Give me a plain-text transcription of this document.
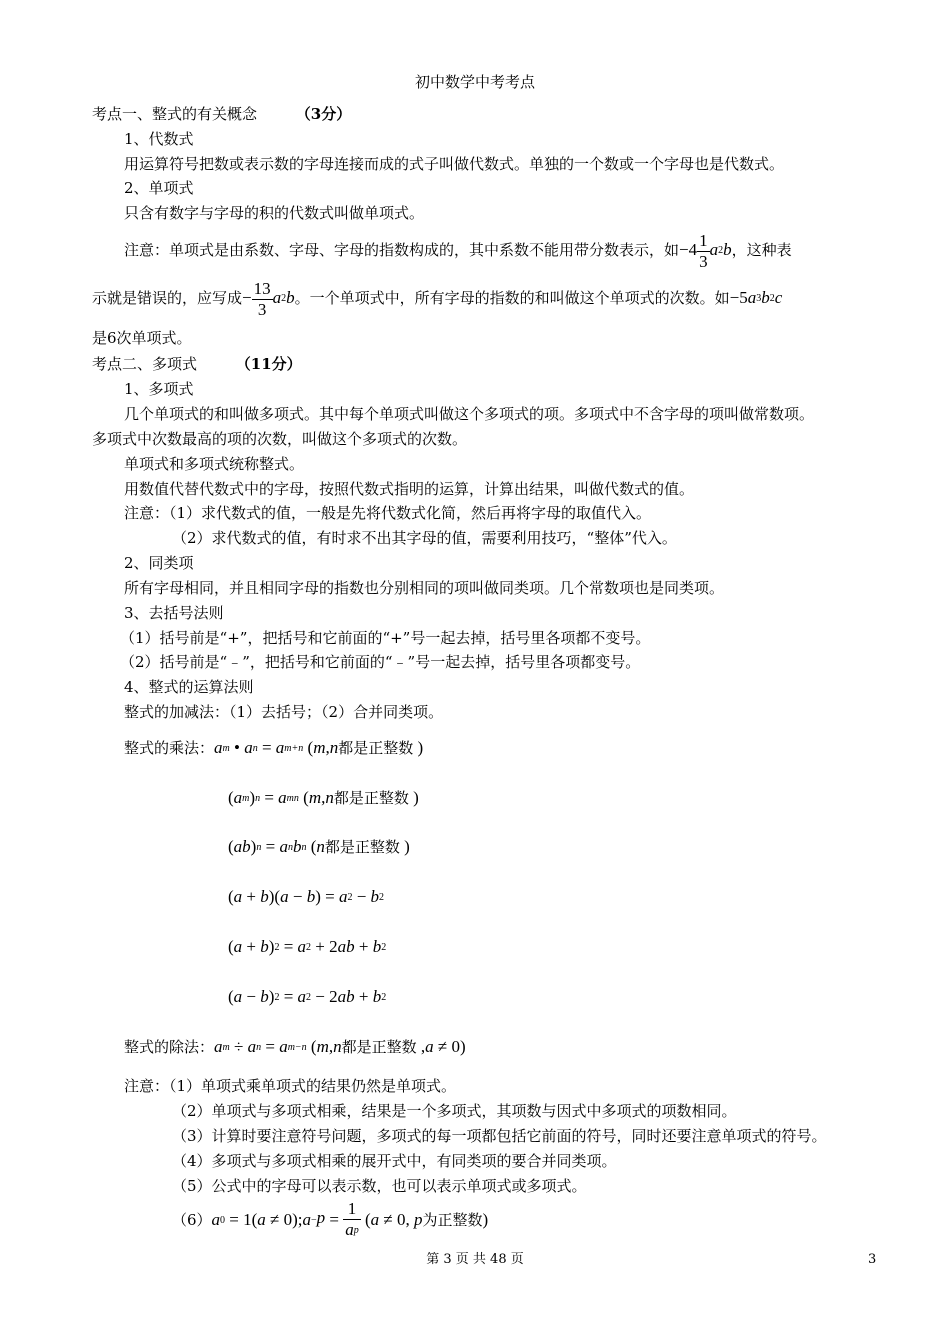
初中数学中考考点
考点一、整式的有关概念	（3分）
1、代数式
用运算符号把数或表示数的字母连接而成的式子叫做代数式。单独的一个数或一个字母也是代数式。
2、单项式
只含有数字与字母的积的代数式叫做单项式。
注意：单项式是由系数、字母、字母的指数构成的，其中系数不能用带分数表示，如$-4 \frac{1}{3} a2b$，这种表
示就是错误的，应写成− $\frac{13}{3} a2b$。一个单项式中，所有字母的指数的和叫做这个单项式的次数。如−5a3b2c
是6次单项式。
考点二、多项式	（11分）
1、多项式
几个单项式的和叫做多项式。其中每个单项式叫做这个多项式的项。多项式中不含字母的项叫做常数项。
多项式中次数最高的项的次数，叫做这个多项式的次数。
单项式和多项式统称整式。
用数值代替代数式中的字母，按照代数式指明的运算，计算出结果，叫做代数式的值。
注意：（1）求代数式的值，一般是先将代数式化简，然后再将字母的取值代入。
（2）求代数式的值，有时求不出其字母的值，需要利用技巧，“整体”代入。
2、同类项
所有字母相同，并且相同字母的指数也分别相同的项叫做同类项。几个常数项也是同类项。
3、去括号法则
（1）括号前是“+”，把括号和它前面的“+”号一起去掉，括号里各项都不变号。
（2）括号前是“﹣”，把括号和它前面的“﹣”号一起去掉，括号里各项都变号。
4、整式的运算法则
整式的加减法：（1）去括号；（2）合并同类项。
整式的乘法：am • an = am+n (m,n都是正整数 )
(am)n = amn (m,n都是正整数 )
(ab)n = anbn (n都是正整数 )
(a + b)(a − b) = a2 − b2
(a + b)2 = a2 + 2ab + b2
(a − b)2 = a2 − 2ab + b2
整式的除法：am ÷ an = am−n (m,n都是正整数 ,a ≠ 0)
注意：（1）单项式乘单项式的结果仍然是单项式。
（2）单项式与多项式相乘，结果是一个多项式，其项数与因式中多项式的项数相同。
（3）计算时要注意符号问题，多项式的每一项都包括它前面的符号，同时还要注意单项式的符号。
（4）多项式与多项式相乘的展开式中，有同类项的要合并同类项。
（5）公式中的字母可以表示数，也可以表示单项式或多项式。
（6）a0 = 1(a ≠ 0);a−p = $\frac{1}{ap} (a \ne 0$, p为正整数)
第 3 页 共 48 页	3
